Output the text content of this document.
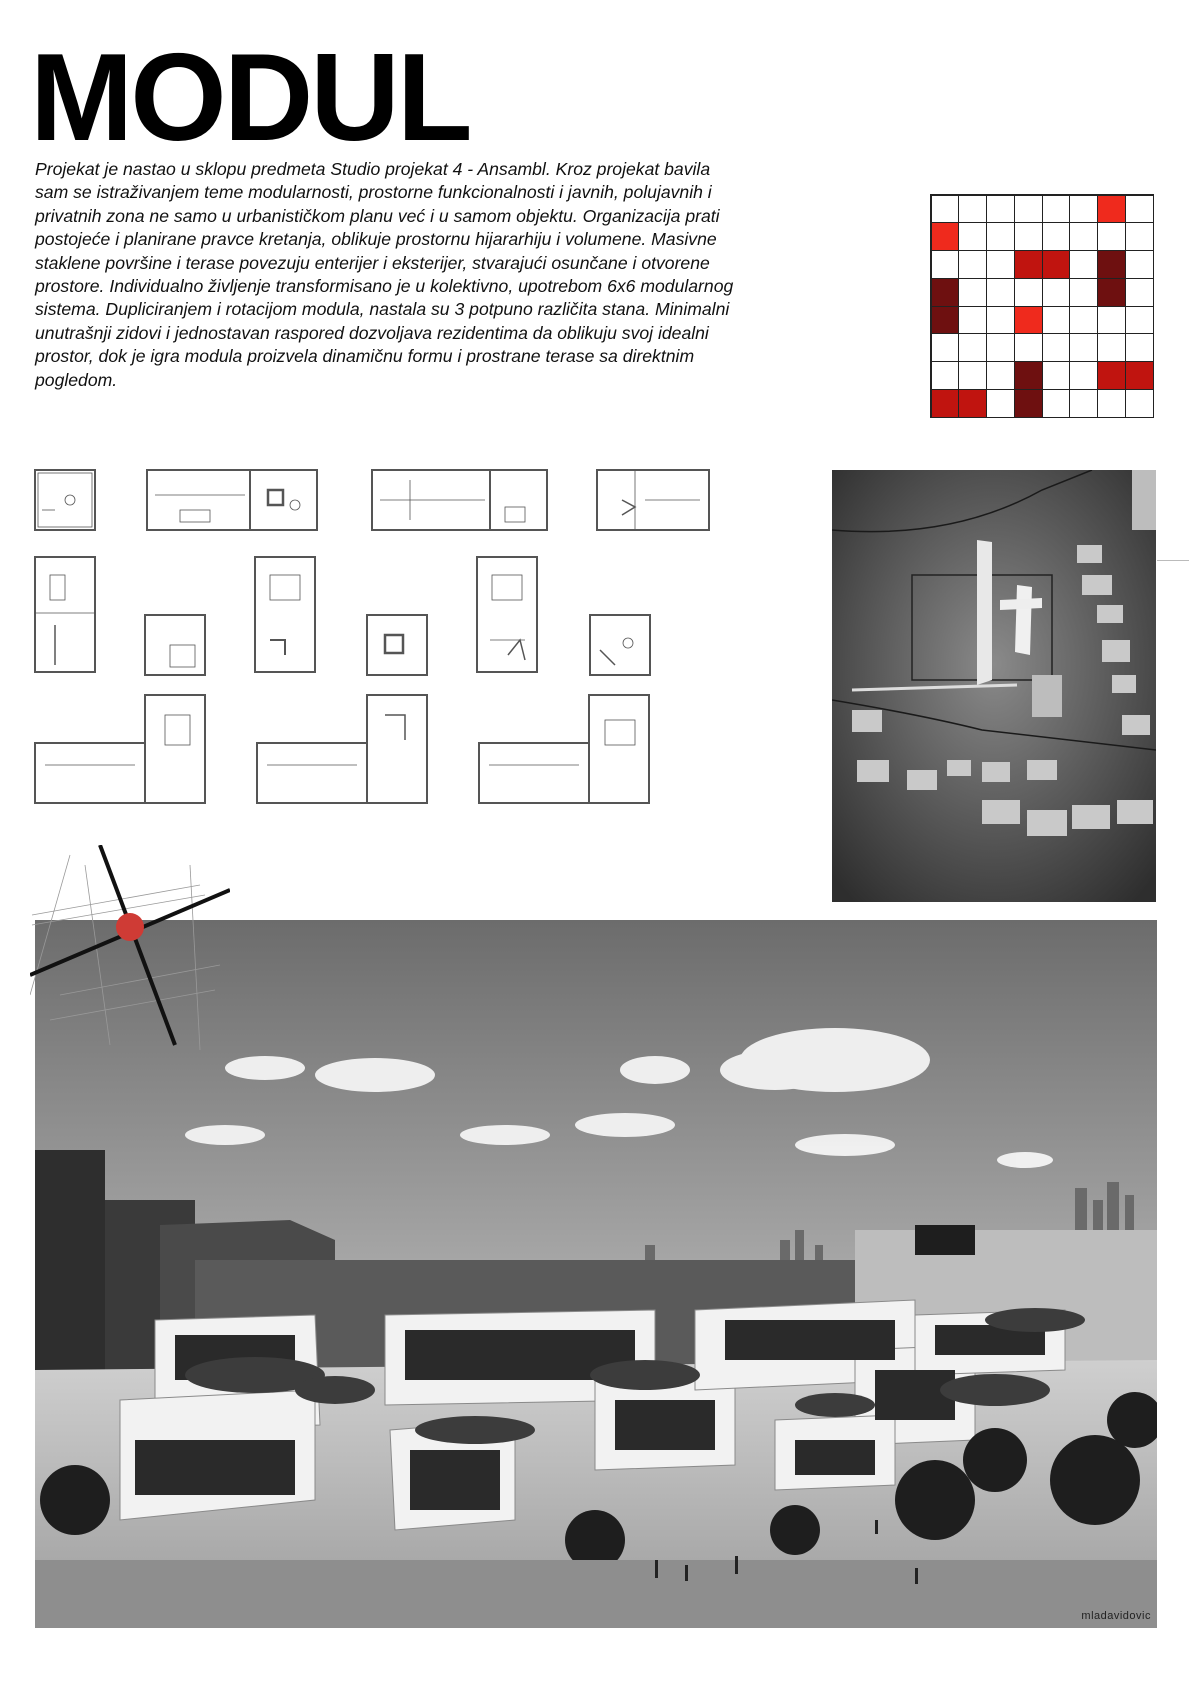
MODUL

Projekat je nastao u sklopu predmeta Studio projekat 4 - Ansambl. Kroz projekat bavila sam se istraživanjem teme modularnosti, prostorne funkcionalnosti i javnih, polujavnih i privatnih zona ne samo u urbanističkom planu već i u samom objektu. Organizacija prati postojeće i planirane pravce kretanja, oblikuje prostornu hijararhiju i volumene. Masivne staklene površine i terase povezuju enterijer i eksterijer, stvarajući osunčane i otvorene prostore. Individualno življenje transformisano je u kolektivno, upotrebom 6x6 modularnog sistema. Dupliciranjem i rotacijom modula, nastala su 3 potpuno različita stana. Minimalni unutrašnji zidovi i jednostavan raspored dozvoljava rezidentima da oblikuju svoj idealni prostor, dok je igra modula proizvela dinamičnu formu i prostrane terase sa direktnim pogledom.

mladavidovic
